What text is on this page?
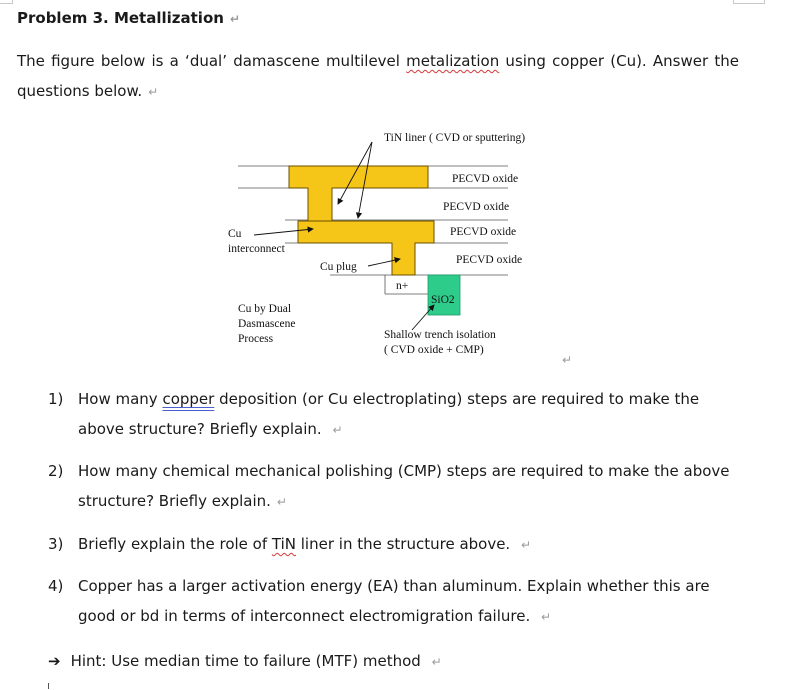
Problem 3. Metallization ↵
The figure below is a ‘dual’ damascene multilevel metalization using copper (Cu). Answer the questions below. ↵
TiN liner ( CVD or sputtering)
PECVD oxide
PECVD oxide
PECVD oxide
PECVD oxide
Cu
interconnect
Cu plug
n+
SiO2
Cu by Dual
Dasmascene
Process	Shallow trench isolation
( CVD oxide + CMP)
↵
1) How many copper deposition (or Cu electroplating) steps are required to make the above structure? Briefly explain. ↵
2) How many chemical mechanical polishing (CMP) steps are required to make the above structure? Briefly explain. ↵
3) Briefly explain the role of TiN liner in the structure above. ↵
4) Copper has a larger activation energy (EA) than aluminum. Explain whether this are good or bd in terms of interconnect electromigration failure. ↵
➔ Hint: Use median time to failure (MTF) method ↵
